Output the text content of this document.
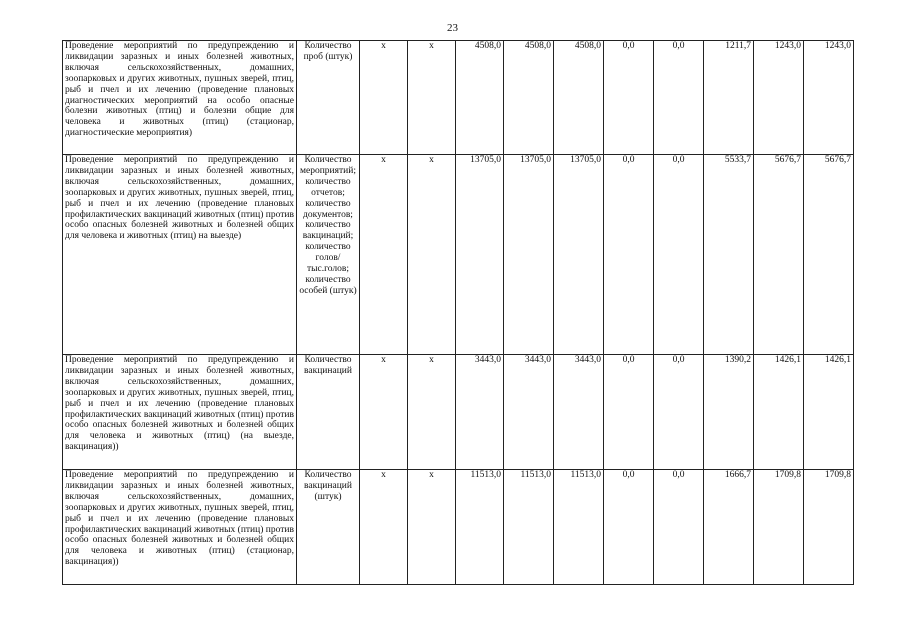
23
Проведение мероприятий по предупреждению и ликвидации заразных и иных болезней животных, включая сельскохозяйственных, домашних, зоопарковых и других животных, пушных зверей, птиц, рыб и пчел и их лечению (проведение плановых диагностических мероприятий на особо опасные болезни животных (птиц) и болезни общие для человека и животных (птиц) (стационар, диагностические мероприятия)	Количество проб (штук)	x	x	4508,0	4508,0	4508,0	0,0	0,0	1211,7	1243,0	1243,0
Проведение мероприятий по предупреждению и ликвидации заразных и иных болезней животных, включая сельскохозяйственных, домашних, зоопарковых и других животных, пушных зверей, птиц, рыб и пчел и их лечению (проведение плановых профилактических вакцинаций животных (птиц) против особо опасных болезней животных и болезней общих для человека и животных (птиц) на выезде)	Количество мероприятий; количество отчетов; количество документов; количество вакцинаций; количество голов/тыс.голов; количество особей (штук)	x	x	13705,0	13705,0	13705,0	0,0	0,0	5533,7	5676,7	5676,7
Проведение мероприятий по предупреждению и ликвидации заразных и иных болезней животных, включая сельскохозяйственных, домашних, зоопарковых и других животных, пушных зверей, птиц, рыб и пчел и их лечению (проведение плановых профилактических вакцинаций животных (птиц) против особо опасных болезней животных и болезней общих для человека и животных (птиц) (на выезде, вакцинация))	Количество вакцинаций	x	x	3443,0	3443,0	3443,0	0,0	0,0	1390,2	1426,1	1426,1
Проведение мероприятий по предупреждению и ликвидации заразных и иных болезней животных, включая сельскохозяйственных, домашних, зоопарковых и других животных, пушных зверей, птиц, рыб и пчел и их лечению (проведение плановых профилактических вакцинаций животных (птиц) против особо опасных болезней животных и болезней общих для человека и животных (птиц) (стационар, вакцинация))	Количество вакцинаций (штук)	x	x	11513,0	11513,0	11513,0	0,0	0,0	1666,7	1709,8	1709,8
